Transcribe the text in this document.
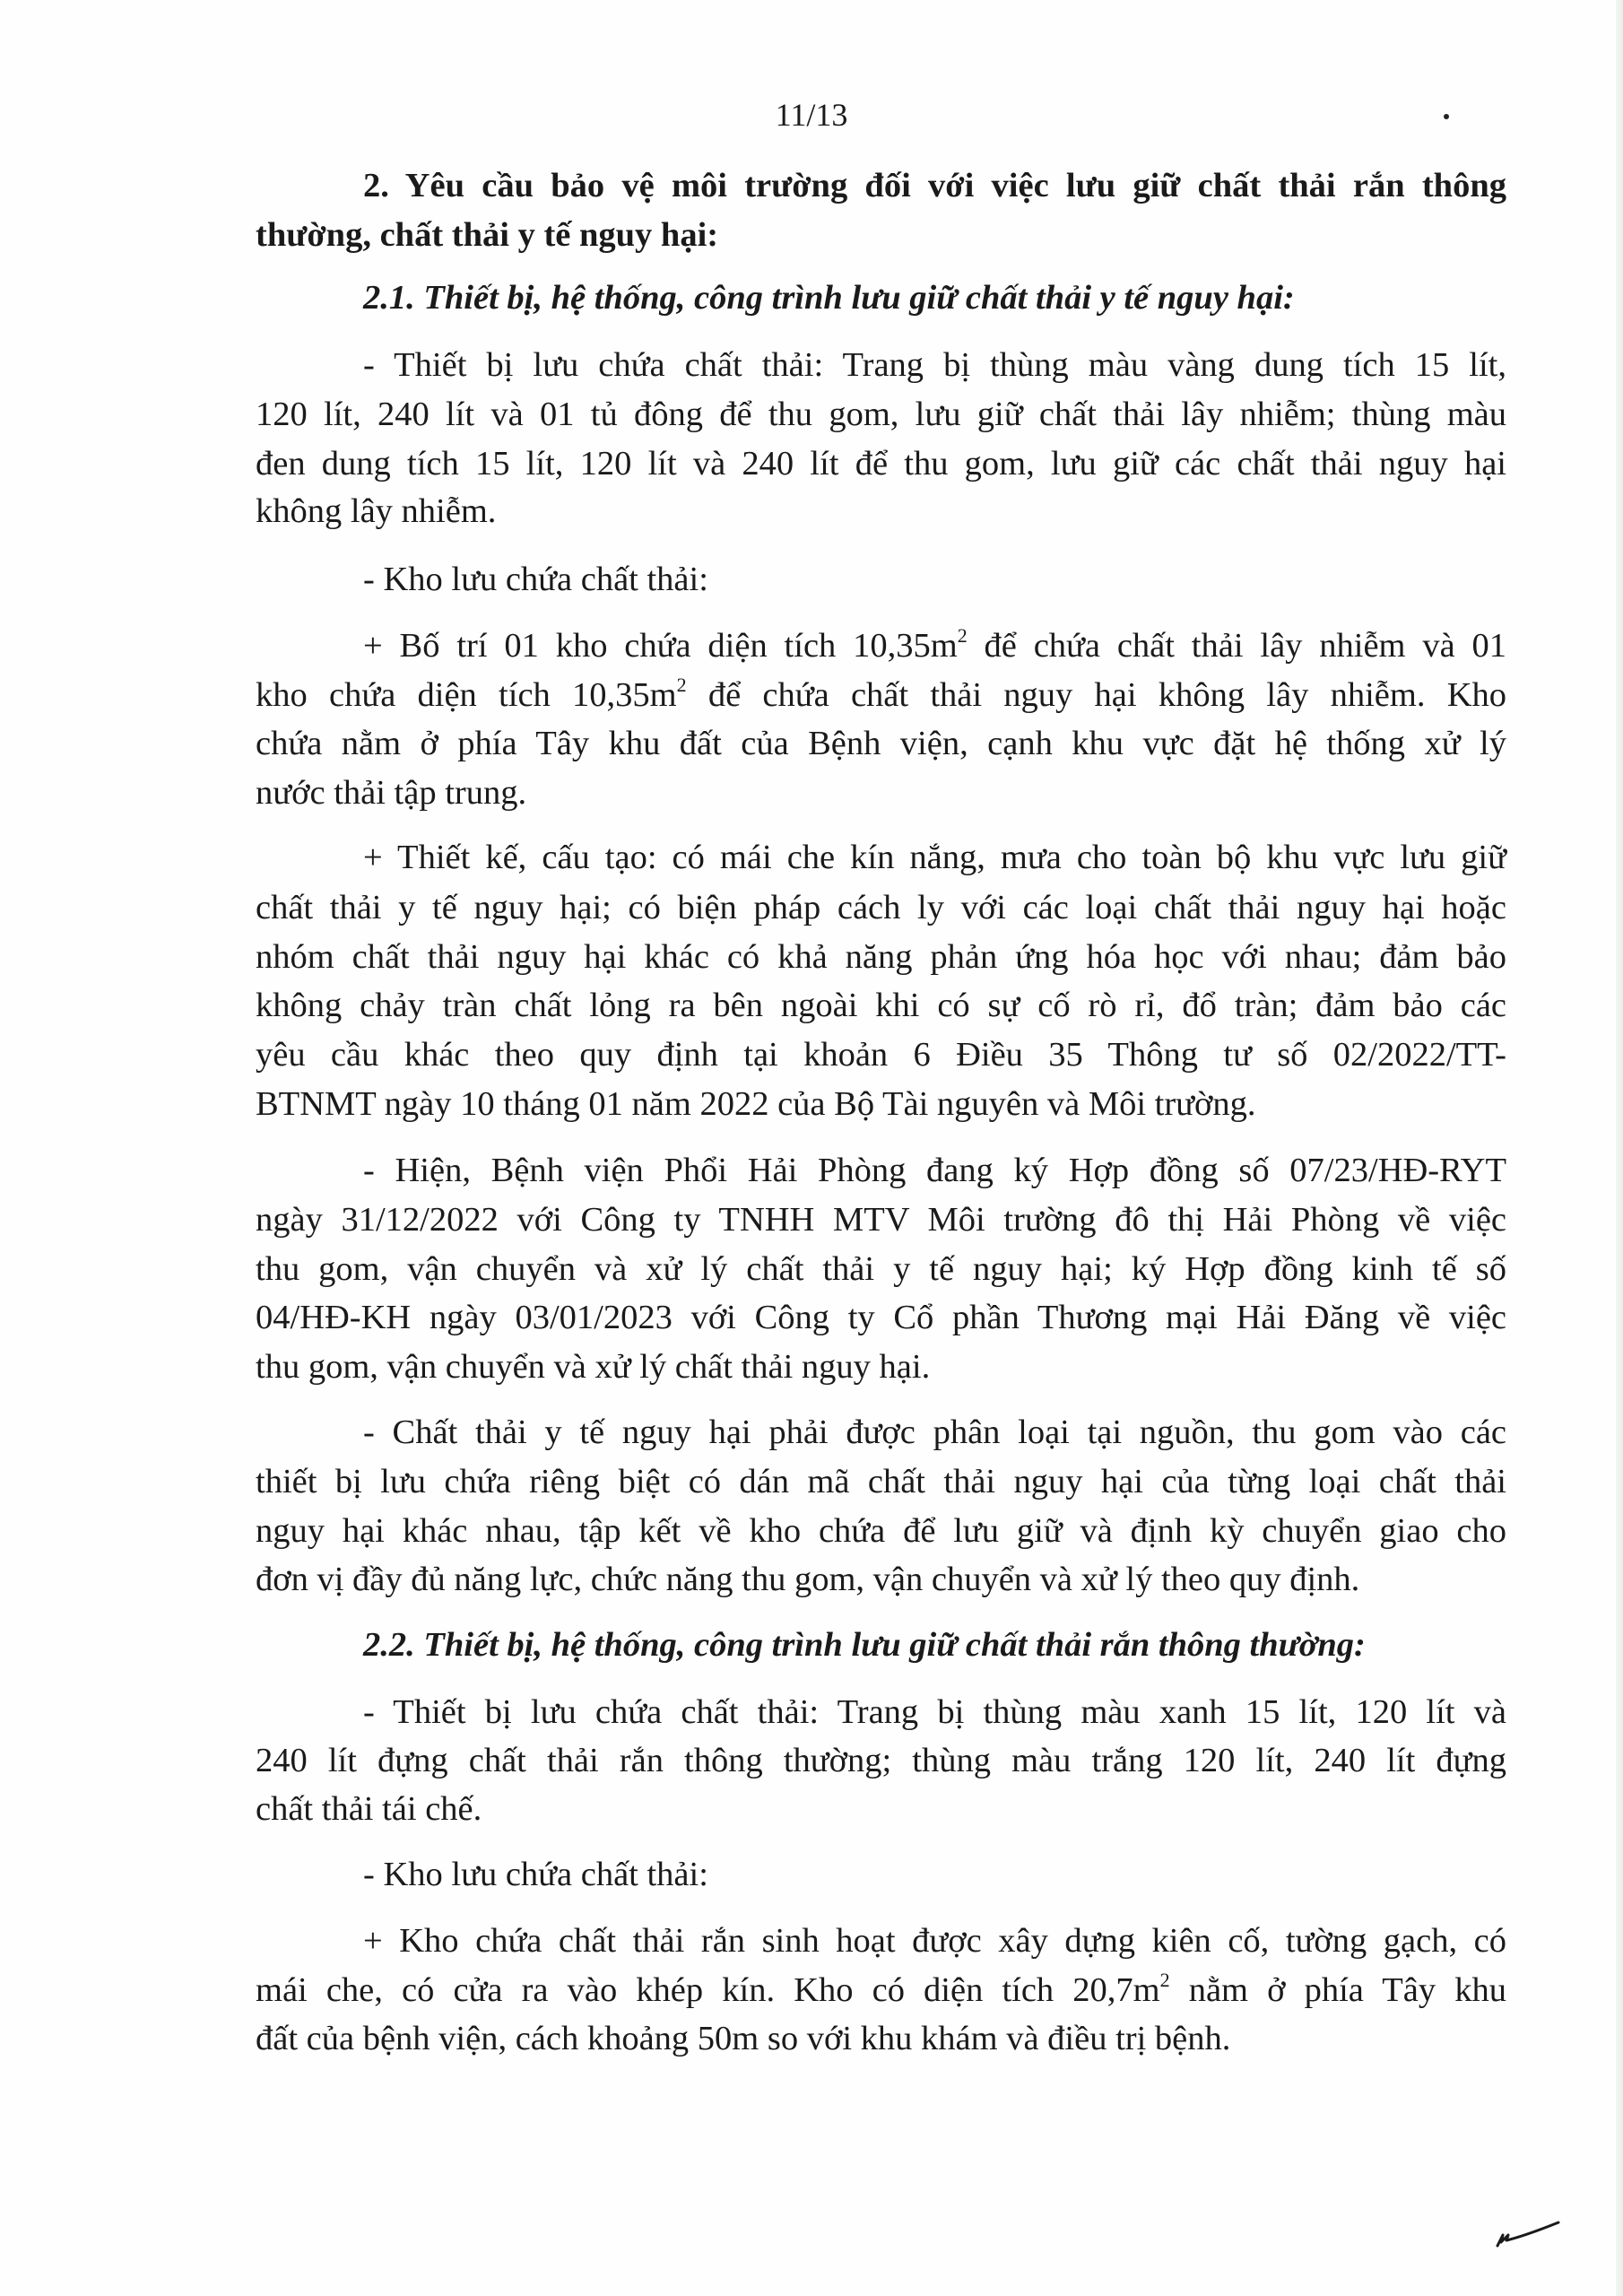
11/13
2. Yêu cầu bảo vệ môi trường đối với việc lưu giữ chất thải rắn thông
thường, chất thải y tế nguy hại:
2.1. Thiết bị, hệ thống, công trình lưu giữ chất thải y tế nguy hại:
- Thiết bị lưu chứa chất thải: Trang bị thùng màu vàng dung tích 15 lít,
120 lít, 240 lít và 01 tủ đông để thu gom, lưu giữ chất thải lây nhiễm; thùng màu
đen dung tích 15 lít, 120 lít và 240 lít để thu gom, lưu giữ các chất thải nguy hại
không lây nhiễm.
- Kho lưu chứa chất thải:
+ Bố trí 01 kho chứa diện tích $10,35m^2$ để chứa chất thải lây nhiễm và 01
kho chứa diện tích $10,35m^2$ để chứa chất thải nguy hại không lây nhiễm. Kho
chứa nằm ở phía Tây khu đất của Bệnh viện, cạnh khu vực đặt hệ thống xử lý
nước thải tập trung.
+ Thiết kế, cấu tạo: có mái che kín nắng, mưa cho toàn bộ khu vực lưu giữ
chất thải y tế nguy hại; có biện pháp cách ly với các loại chất thải nguy hại hoặc
nhóm chất thải nguy hại khác có khả năng phản ứng hóa học với nhau; đảm bảo
không chảy tràn chất lỏng ra bên ngoài khi có sự cố rò rỉ, đổ tràn; đảm bảo các
yêu cầu khác theo quy định tại khoản 6 Điều 35 Thông tư số 02/2022/TT-
BTNMT ngày 10 tháng 01 năm 2022 của Bộ Tài nguyên và Môi trường.
- Hiện, Bệnh viện Phổi Hải Phòng đang ký Hợp đồng số 07/23/HĐ-RYT
ngày 31/12/2022 với Công ty TNHH MTV Môi trường đô thị Hải Phòng về việc
thu gom, vận chuyển và xử lý chất thải y tế nguy hại; ký Hợp đồng kinh tế số
04/HĐ-KH ngày 03/01/2023 với Công ty Cổ phần Thương mại Hải Đăng về việc
thu gom, vận chuyển và xử lý chất thải nguy hại.
- Chất thải y tế nguy hại phải được phân loại tại nguồn, thu gom vào các
thiết bị lưu chứa riêng biệt có dán mã chất thải nguy hại của từng loại chất thải
nguy hại khác nhau, tập kết về kho chứa để lưu giữ và định kỳ chuyển giao cho
đơn vị đầy đủ năng lực, chức năng thu gom, vận chuyển và xử lý theo quy định.
2.2. Thiết bị, hệ thống, công trình lưu giữ chất thải rắn thông thường:
- Thiết bị lưu chứa chất thải: Trang bị thùng màu xanh 15 lít, 120 lít và
240 lít đựng chất thải rắn thông thường; thùng màu trắng 120 lít, 240 lít đựng
chất thải tái chế.
- Kho lưu chứa chất thải:
+ Kho chứa chất thải rắn sinh hoạt được xây dựng kiên cố, tường gạch, có
mái che, có cửa ra vào khép kín. Kho có diện tích $20,7m^2$ nằm ở phía Tây khu
đất của bệnh viện, cách khoảng 50m so với khu khám và điều trị bệnh.
